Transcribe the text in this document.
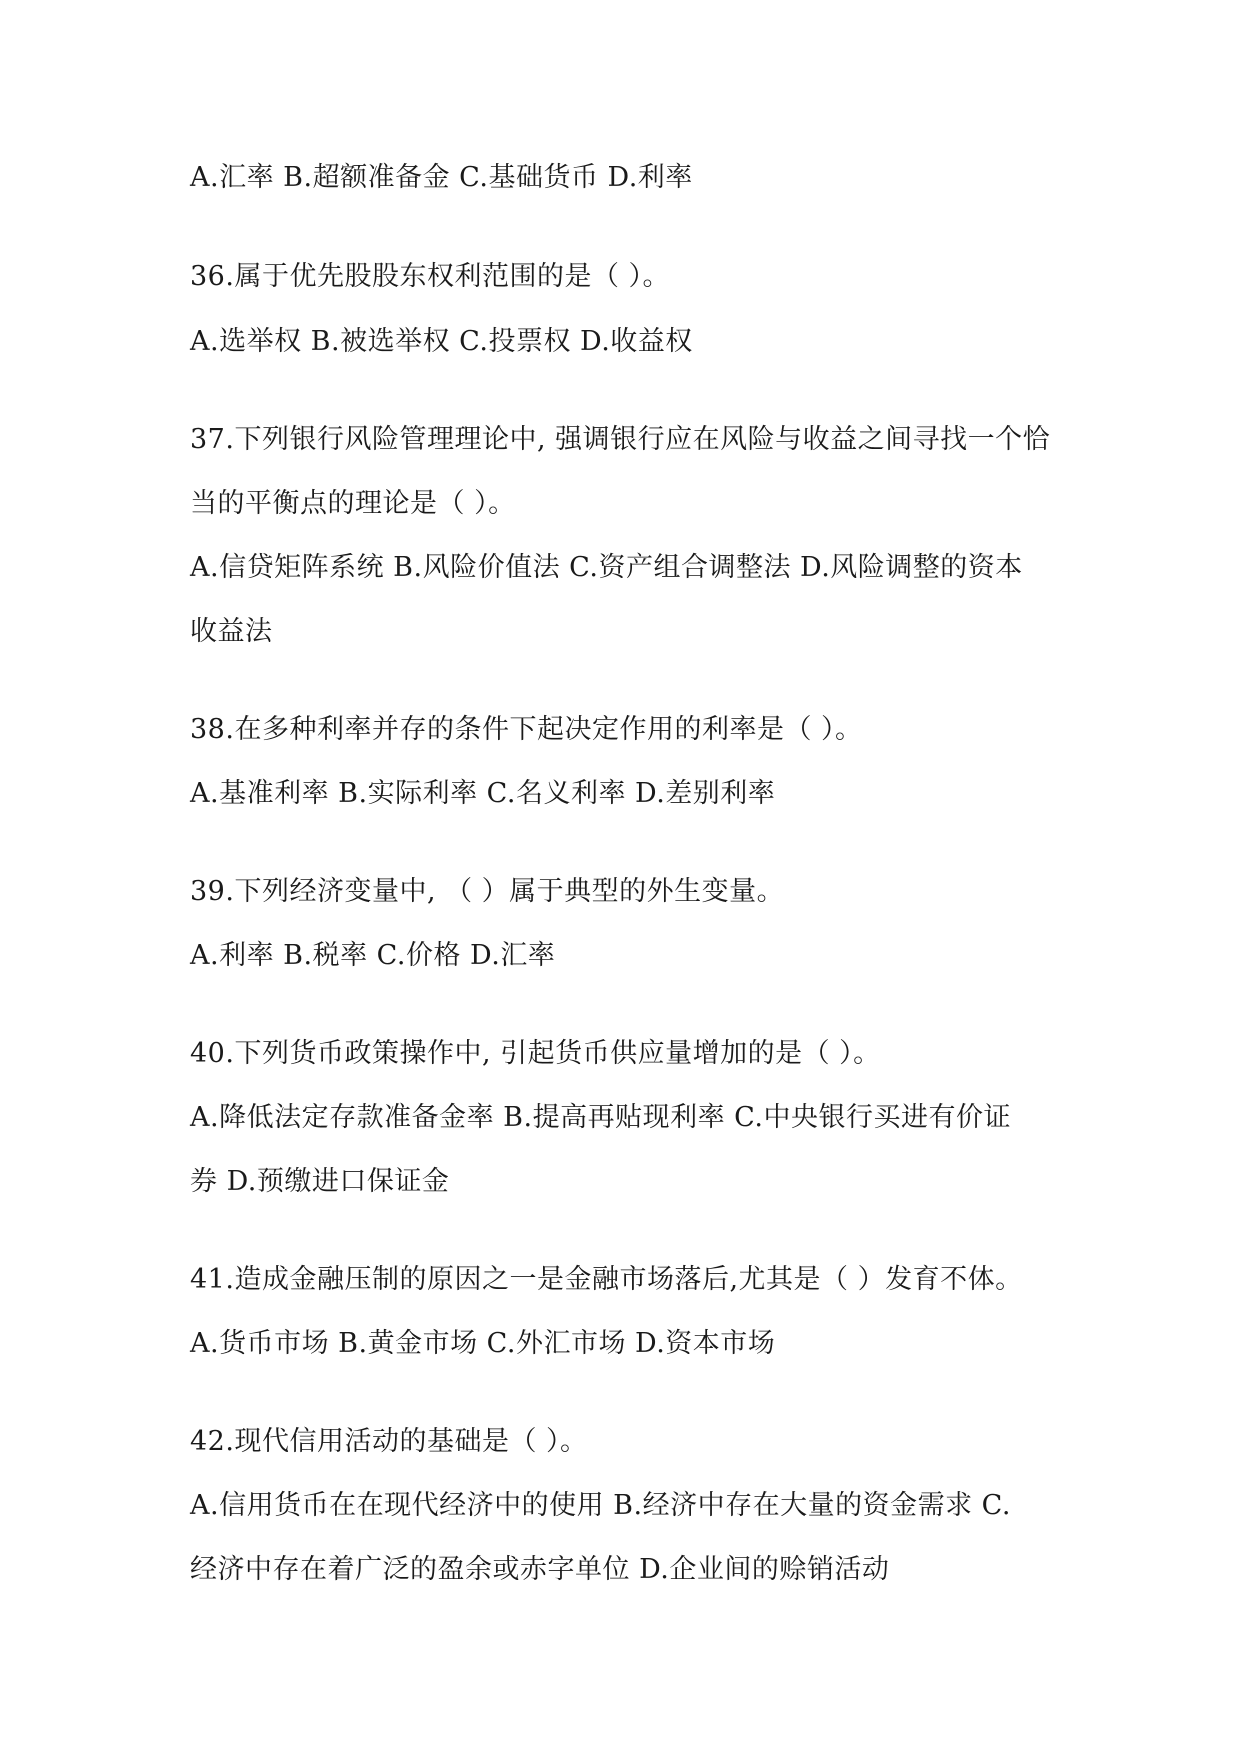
A.汇率 B.超额准备金 C.基础货币 D.利率
36.属于优先股股东权利范围的是（ ）。
A.选举权 B.被选举权 C.投票权 D.收益权
37.下列银行风险管理理论中, 强调银行应在风险与收益之间寻找一个恰
当的平衡点的理论是（ ）。
A.信贷矩阵系统 B.风险价值法 C.资产组合调整法 D.风险调整的资本
收益法
38.在多种利率并存的条件下起决定作用的利率是（ ）。
A.基准利率 B.实际利率 C.名义利率 D.差别利率
39.下列经济变量中, （ ）属于典型的外生变量。
A.利率 B.税率 C.价格 D.汇率
40.下列货币政策操作中, 引起货币供应量增加的是（ ）。
A.降低法定存款准备金率 B.提高再贴现利率 C.中央银行买进有价证
券 D.预缴进口保证金
41.造成金融压制的原因之一是金融市场落后,尤其是（ ）发育不体。
A.货币市场 B.黄金市场 C.外汇市场 D.资本市场
42.现代信用活动的基础是（ ）。
A.信用货币在在现代经济中的使用 B.经济中存在大量的资金需求 C.
经济中存在着广泛的盈余或赤字单位 D.企业间的赊销活动
